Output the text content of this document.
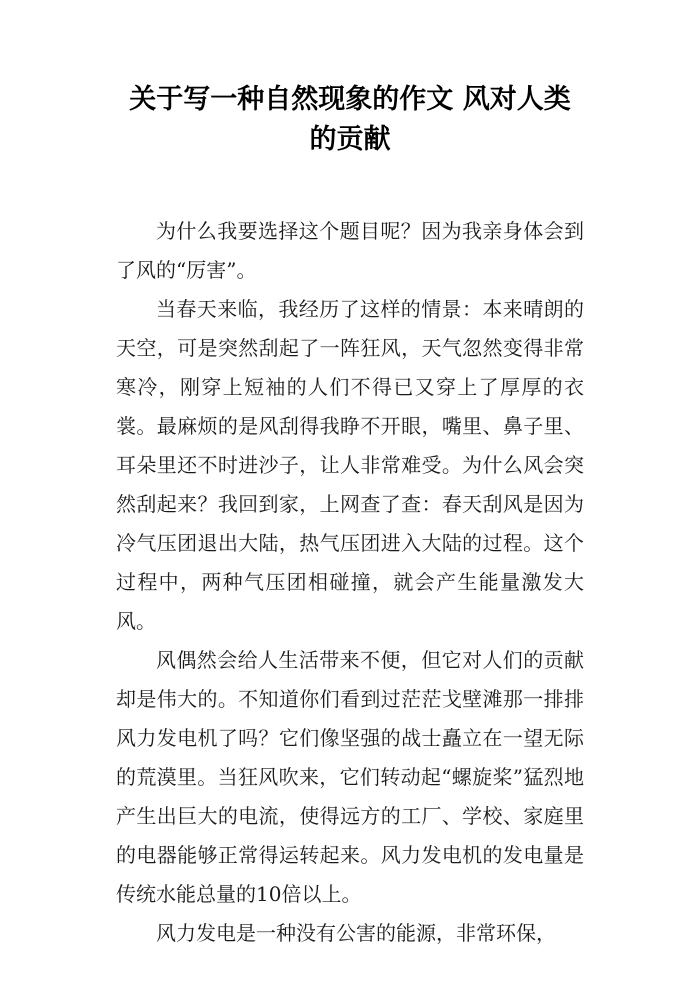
关于写一种自然现象的作文 风对人类
的贡献

为什么我要选择这个题目呢？因为我亲身体会到了风的“厉害”。

当春天来临，我经历了这样的情景：本来晴朗的天空，可是突然刮起了一阵狂风，天气忽然变得非常寒冷，刚穿上短袖的人们不得已又穿上了厚厚的衣裳。最麻烦的是风刮得我睁不开眼，嘴里、鼻子里、耳朵里还不时进沙子，让人非常难受。为什么风会突然刮起来？我回到家，上网查了查：春天刮风是因为冷气压团退出大陆，热气压团进入大陆的过程。这个过程中，两种气压团相碰撞，就会产生能量激发大风。

风偶然会给人生活带来不便，但它对人们的贡献却是伟大的。不知道你们看到过茫茫戈壁滩那一排排风力发电机了吗？它们像坚强的战士矗立在一望无际的荒漠里。当狂风吹来，它们转动起“螺旋桨”猛烈地产生出巨大的电流，使得远方的工厂、学校、家庭里的电器能够正常得运转起来。风力发电机的发电量是传统水能总量的10倍以上。

风力发电是一种没有公害的能源，非常环保，
